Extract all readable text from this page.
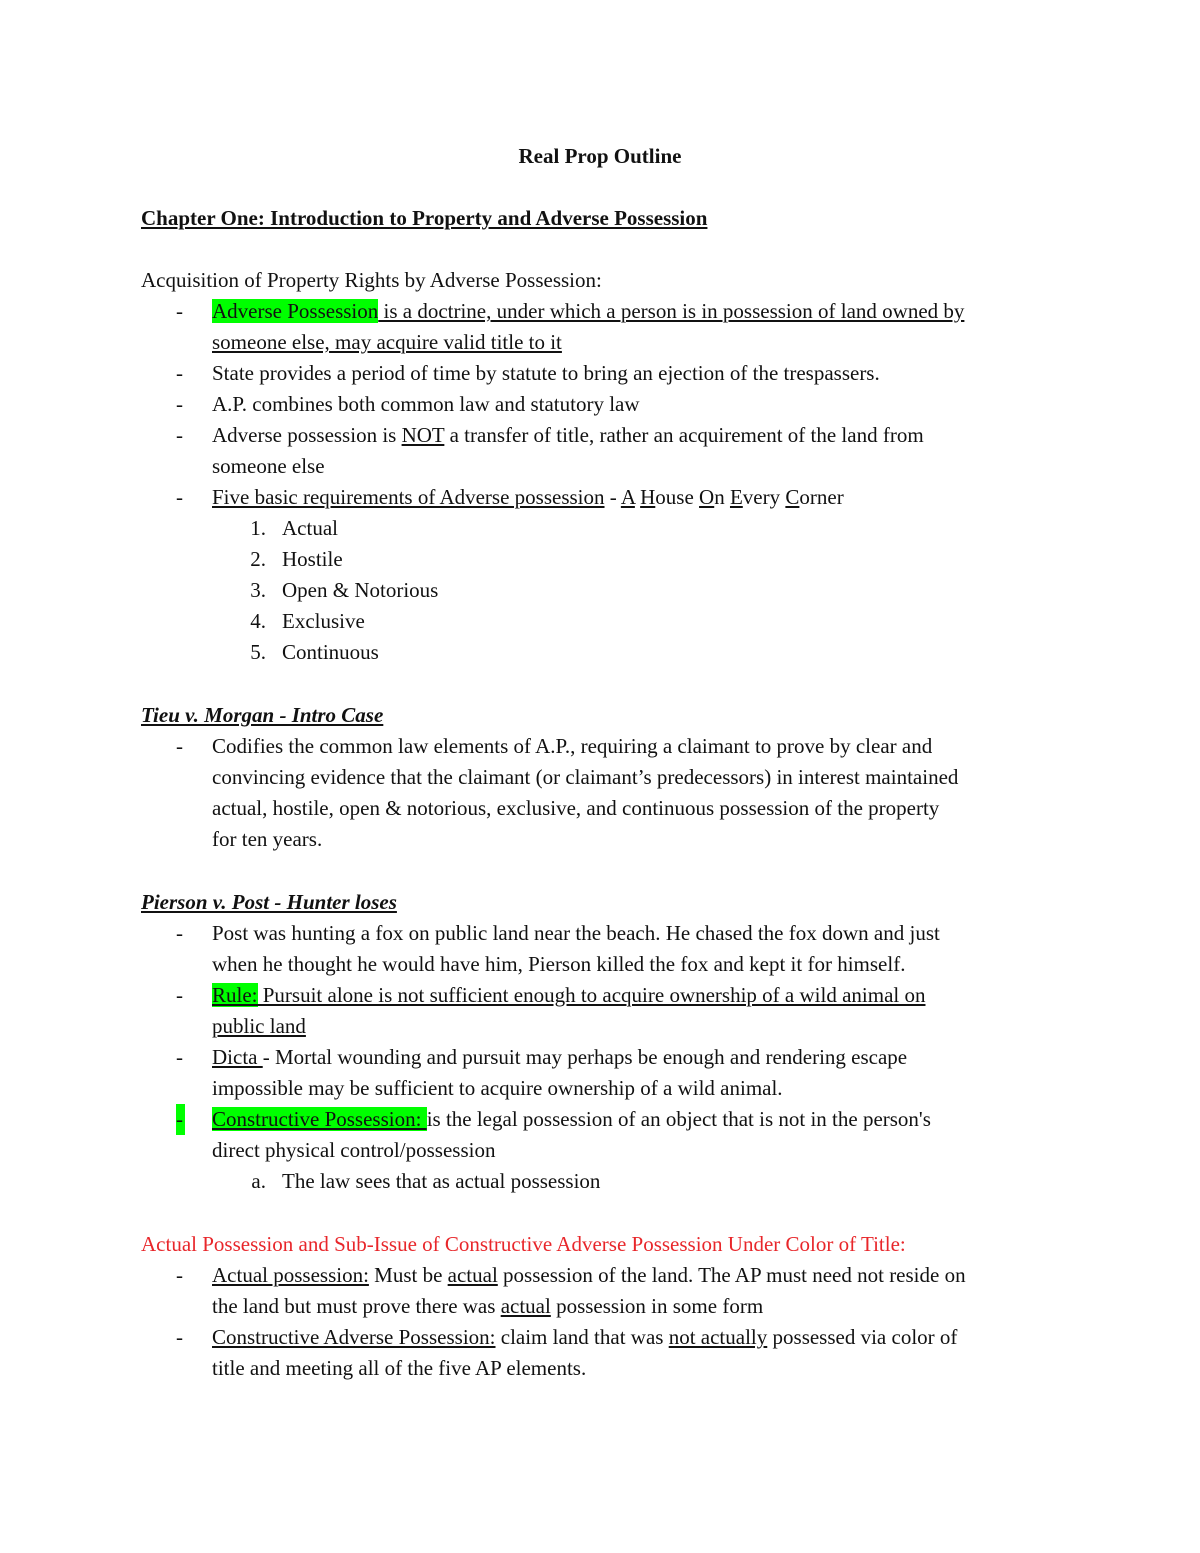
Real Prop Outline
Chapter One: Introduction to Property and Adverse Possession
Acquisition of Property Rights by Adverse Possession:
- Adverse Possession is a doctrine, under which a person is in possession of land owned by
someone else, may acquire valid title to it
- State provides a period of time by statute to bring an ejection of the trespassers.
- A.P. combines both common law and statutory law
- Adverse possession is NOT a transfer of title, rather an acquirement of the land from
someone else
- Five basic requirements of Adverse possession - A House On Every Corner
1. Actual
2. Hostile
3. Open & Notorious
4. Exclusive
5. Continuous
Tieu v. Morgan - Intro Case
- Codifies the common law elements of A.P., requiring a claimant to prove by clear and
convincing evidence that the claimant (or claimant’s predecessors) in interest maintained
actual, hostile, open & notorious, exclusive, and continuous possession of the property
for ten years.
Pierson v. Post - Hunter loses
- Post was hunting a fox on public land near the beach. He chased the fox down and just
when he thought he would have him, Pierson killed the fox and kept it for himself.
- Rule: Pursuit alone is not sufficient enough to acquire ownership of a wild animal on
public land
- Dicta - Mortal wounding and pursuit may perhaps be enough and rendering escape
impossible may be sufficient to acquire ownership of a wild animal.
- Constructive Possession: is the legal possession of an object that is not in the person's
direct physical control/possession
a. The law sees that as actual possession
Actual Possession and Sub-Issue of Constructive Adverse Possession Under Color of Title:
- Actual possession: Must be actual possession of the land. The AP must need not reside on
the land but must prove there was actual possession in some form
- Constructive Adverse Possession: claim land that was not actually possessed via color of
title and meeting all of the five AP elements.
